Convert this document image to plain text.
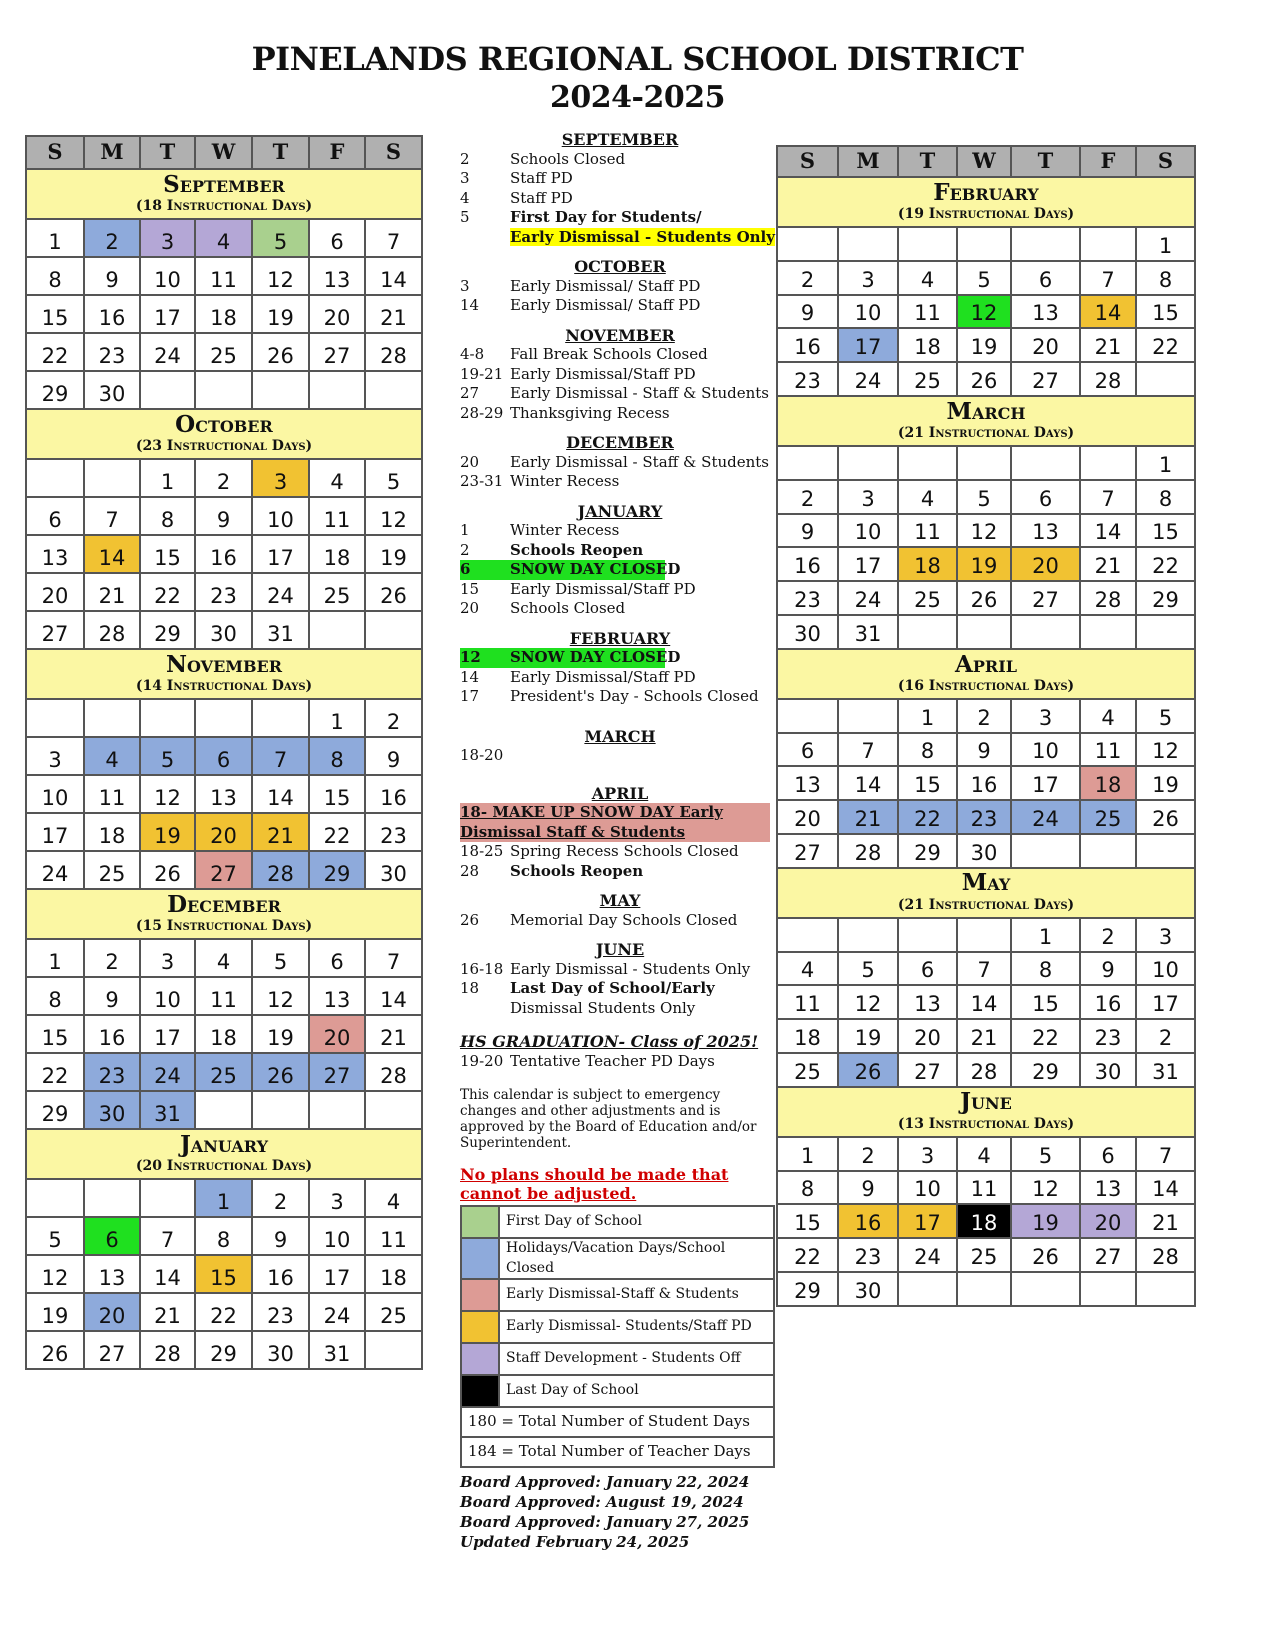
PINELANDS REGIONAL SCHOOL DISTRICT
2024-2025
S	M	T	W	T	F	S

September
(18 Instructional Days)						

1	2	3	4	5	6	7
8	9	10	11	12	13	14
15	16	17	18	19	20	21
22	23	24	25	26	27	28
29	30					

October
(23 Instructional Days)						

		1	2	3	4	5
6	7	8	9	10	11	12
13	14	15	16	17	18	19
20	21	22	23	24	25	26
27	28	29	30	31		

November
(14 Instructional Days)						

					1	2
3	4	5	6	7	8	9
10	11	12	13	14	15	16
17	18	19	20	21	22	23
24	25	26	27	28	29	30

December
(15 Instructional Days)						

1	2	3	4	5	6	7
8	9	10	11	12	13	14
15	16	17	18	19	20	21
22	23	24	25	26	27	28
29	30	31				

January
(20 Instructional Days)						

			1	2	3	4
5	6	7	8	9	10	11
12	13	14	15	16	17	18
19	20	21	22	23	24	25
26	27	28	29	30	31	
S	M	T	W	T	F	S

February
(19 Instructional Days)						

						1
2	3	4	5	6	7	8
9	10	11	12	13	14	15
16	17	18	19	20	21	22
23	24	25	26	27	28	

March
(21 Instructional Days)						

						1
2	3	4	5	6	7	8
9	10	11	12	13	14	15
16	17	18	19	20	21	22
23	24	25	26	27	28	29
30	31					

April
(16 Instructional Days)						

		1	2	3	4	5
6	7	8	9	10	11	12
13	14	15	16	17	18	19
20	21	22	23	24	25	26
27	28	29	30			

May
(21 Instructional Days)						

				1	2	3
4	5	6	7	8	9	10
11	12	13	14	15	16	17
18	19	20	21	22	23	2
25	26	27	28	29	30	31

June
(13 Instructional Days)						

1	2	3	4	5	6	7
8	9	10	11	12	13	14
15	16	17	18	19	20	21
22	23	24	25	26	27	28
29	30					
SEPTEMBER
2	Schools Closed
3	Staff PD
4	Staff PD
5	First Day for Students/
Early Dismissal - Students Only
OCTOBER
3	Early Dismissal/ Staff PD
14	Early Dismissal/ Staff PD
NOVEMBER
4-8	Fall Break Schools Closed
19-21 Early Dismissal/Staff PD
27	Early Dismissal - Staff & Students
28-29 Thanksgiving Recess
DECEMBER
20	Early Dismissal - Staff & Students
23-31 Winter Recess
JANUARY
1	Winter Recess
2	Schools Reopen
6	SNOW DAY CLOSED
15	Early Dismissal/Staff PD
20	Schools Closed
FEBRUARY
12	SNOW DAY CLOSED
14	Early Dismissal/Staff PD
17	President's Day - Schools Closed
MARCH
18-20
APRIL
18- MAKE UP SNOW DAY Early Dismissal Staff & Students
18-25 Spring Recess Schools Closed
28	Schools Reopen
MAY
26	Memorial Day Schools Closed
JUNE
16-18 Early Dismissal - Students Only
18	Last Day of School/Early
Dismissal Students Only
HS GRADUATION- Class of 2025!
19-20 Tentative Teacher PD Days
This calendar is subject to emergency changes and other adjustments and is approved by the Board of Education and/or Superintendent.
No plans should be made that cannot be adjusted.
	First Day of School
	Holidays/Vacation Days/School Closed
	Early Dismissal-Staff & Students
	Early Dismissal- Students/Staff PD
	Staff Development - Students Off
	Last Day of School
180 = Total Number of Student Days	
184 = Total Number of Teacher Days	
Board Approved: January 22, 2024
Board Approved: August 19, 2024
Board Approved: January 27, 2025
Updated February 24, 2025
